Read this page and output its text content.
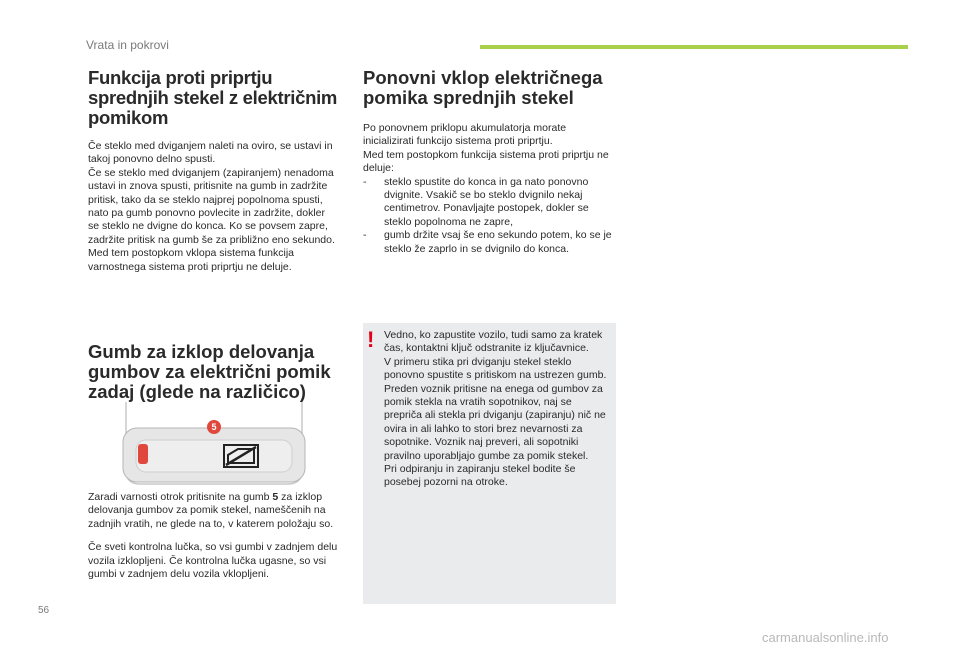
Vrata in pokrovi
Funkcija proti priprtju sprednjih stekel z električnim pomikom

Če steklo med dviganjem naleti na oviro, se ustavi in takoj ponovno delno spusti.
Če se steklo med dviganjem (zapiranjem) nenadoma ustavi in znova spusti, pritisnite na gumb in zadržite pritisk, tako da se steklo najprej popolnoma spusti, nato pa gumb ponovno povlecite in zadržite, dokler se steklo ne dvigne do konca. Ko se povsem zapre, zadržite pritisk na gumb še za približno eno sekundo.
Med tem postopkom vklopa sistema funkcija varnostnega sistema proti priprtju ne deluje.

Gumb za izklop delovanja gumbov za električni pomik zadaj (glede na različico)
5

Zaradi varnosti otrok pritisnite na gumb 5 za izklop delovanja gumbov za pomik stekel, nameščenih na zadnjih vratih, ne glede na to, v katerem položaju so.

Če sveti kontrolna lučka, so vsi gumbi v zadnjem delu vozila izklopljeni. Če kontrolna lučka ugasne, so vsi gumbi v zadnjem delu vozila vklopljeni.

Ponovni vklop električnega pomika sprednjih stekel

Po ponovnem priklopu akumulatorja morate inicializirati funkcijo sistema proti priprtju.
Med tem postopkom funkcija sistema proti priprtju ne deluje:

- steklo spustite do konca in ga nato ponovno dvignite. Vsakič se bo steklo dvignilo nekaj centimetrov. Ponavljajte postopek, dokler se steklo popolnoma ne zapre,
- gumb držite vsaj še eno sekundo potem, ko se je steklo že zaprlo in se dvignilo do konca.
! Vedno, ko zapustite vozilo, tudi samo za kratek čas, kontaktni ključ odstranite iz ključavnice.
V primeru stika pri dviganju stekel steklo ponovno spustite s pritiskom na ustrezen gumb.
Preden voznik pritisne na enega od gumbov za pomik stekla na vratih sopotnikov, naj se prepriča ali stekla pri dviganju (zapiranju) nič ne ovira in ali lahko to stori brez nevarnosti za sopotnike. Voznik naj preveri, ali sopotniki pravilno uporabljajo gumbe za pomik stekel.
Pri odpiranju in zapiranju stekel bodite še posebej pozorni na otroke.
56
carmanualsonline.info
